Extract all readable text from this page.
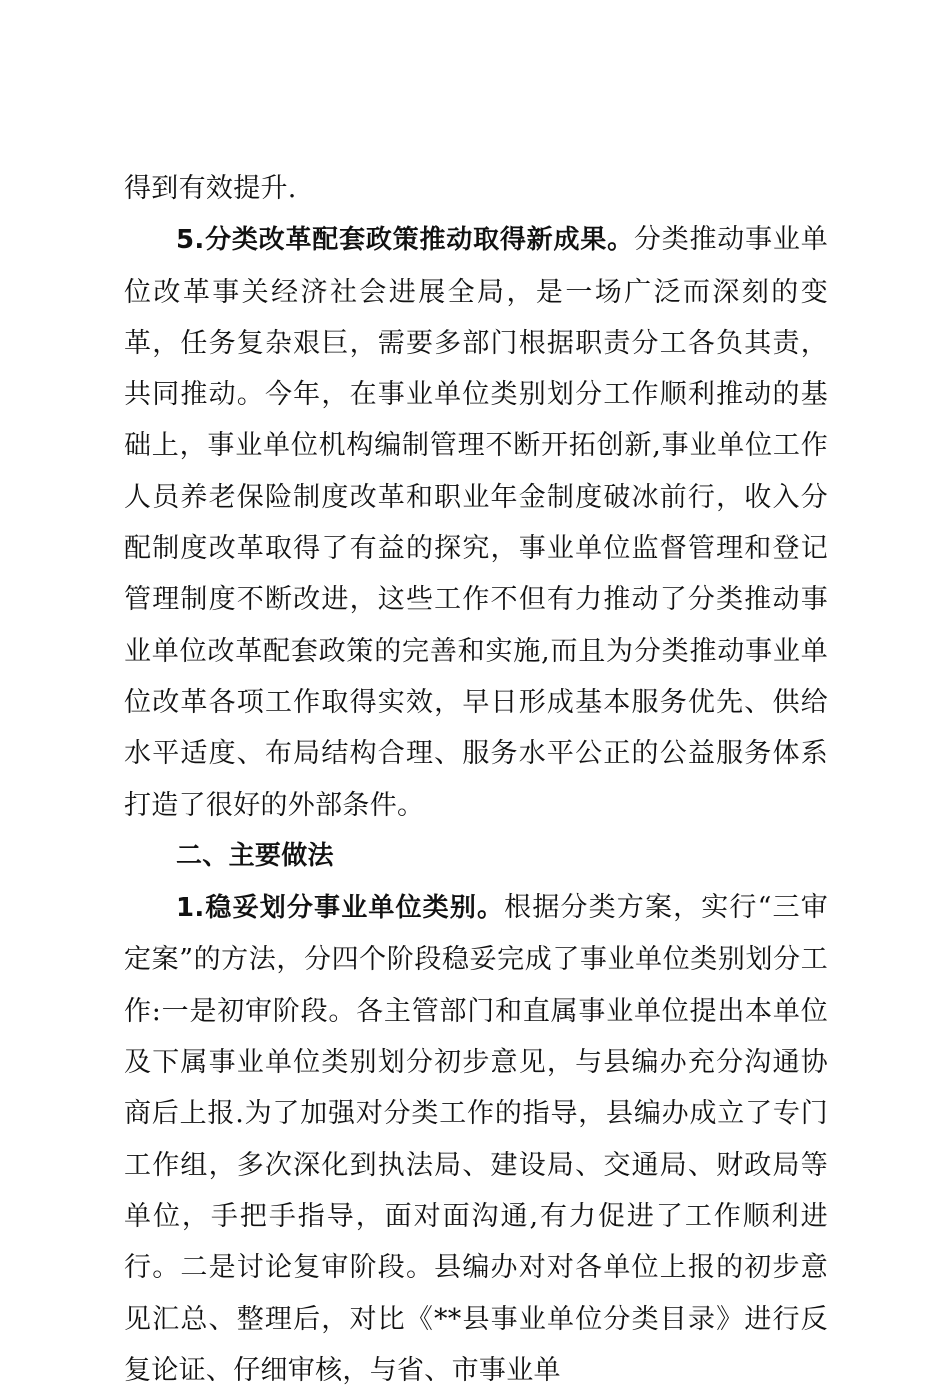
得到有效提升.

5.分类改革配套政策推动取得新成果。分类推动事业单位改革事关经济社会进展全局，是一场广泛而深刻的变革，任务复杂艰巨，需要多部门根据职责分工各负其责，共同推动。今年，在事业单位类别划分工作顺利推动的基础上，事业单位机构编制管理不断开拓创新,事业单位工作人员养老保险制度改革和职业年金制度破冰前行，收入分配制度改革取得了有益的探究，事业单位监督管理和登记管理制度不断改进，这些工作不但有力推动了分类推动事业单位改革配套政策的完善和实施,而且为分类推动事业单位改革各项工作取得实效，早日形成基本服务优先、供给水平适度、布局结构合理、服务水平公正的公益服务体系打造了很好的外部条件。

二、主要做法

1.稳妥划分事业单位类别。根据分类方案，实行“三审定案”的方法，分四个阶段稳妥完成了事业单位类别划分工作:一是初审阶段。各主管部门和直属事业单位提出本单位及下属事业单位类别划分初步意见，与县编办充分沟通协商后上报.为了加强对分类工作的指导，县编办成立了专门工作组，多次深化到执法局、建设局、交通局、财政局等单位，手把手指导，面对面沟通,有力促进了工作顺利进行。二是讨论复审阶段。县编办对对各单位上报的初步意见汇总、整理后，对比《**县事业单位分类目录》进行反复论证、仔细审核，与省、市事业单
